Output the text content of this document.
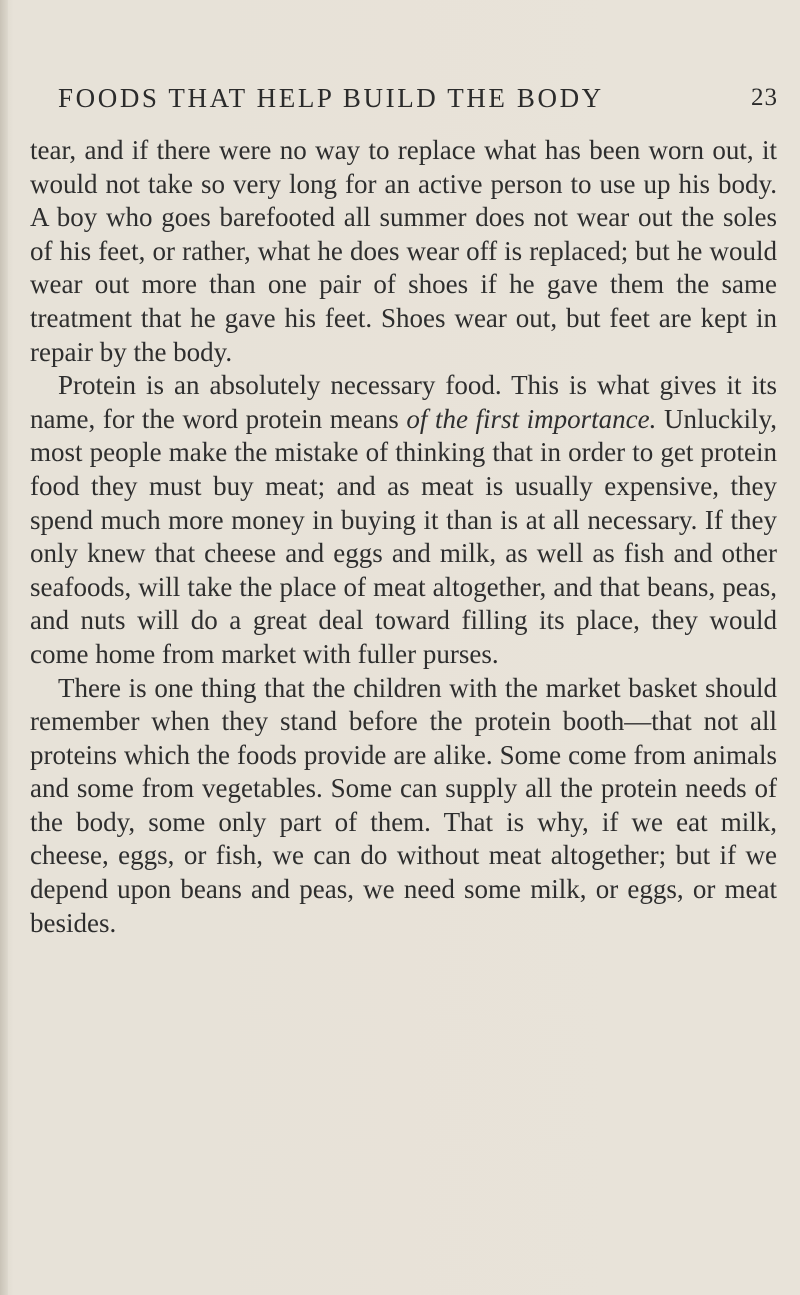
FOODS THAT HELP BUILD THE BODY	23

tear, and if there were no way to replace what has been worn out, it would not take so very long for an active person to use up his body. A boy who goes barefooted all summer does not wear out the soles of his feet, or rather, what he does wear off is replaced; but he would wear out more than one pair of shoes if he gave them the same treatment that he gave his feet. Shoes wear out, but feet are kept in repair by the body.

Protein is an absolutely necessary food. This is what gives it its name, for the word protein means of the first importance. Unluckily, most people make the mistake of thinking that in order to get protein food they must buy meat; and as meat is usually expensive, they spend much more money in buying it than is at all necessary. If they only knew that cheese and eggs and milk, as well as fish and other seafoods, will take the place of meat altogether, and that beans, peas, and nuts will do a great deal toward filling its place, they would come home from market with fuller purses.

There is one thing that the children with the market basket should remember when they stand before the protein booth—that not all proteins which the foods provide are alike. Some come from animals and some from vegetables. Some can supply all the protein needs of the body, some only part of them. That is why, if we eat milk, cheese, eggs, or fish, we can do without meat altogether; but if we depend upon beans and peas, we need some milk, or eggs, or meat besides.
